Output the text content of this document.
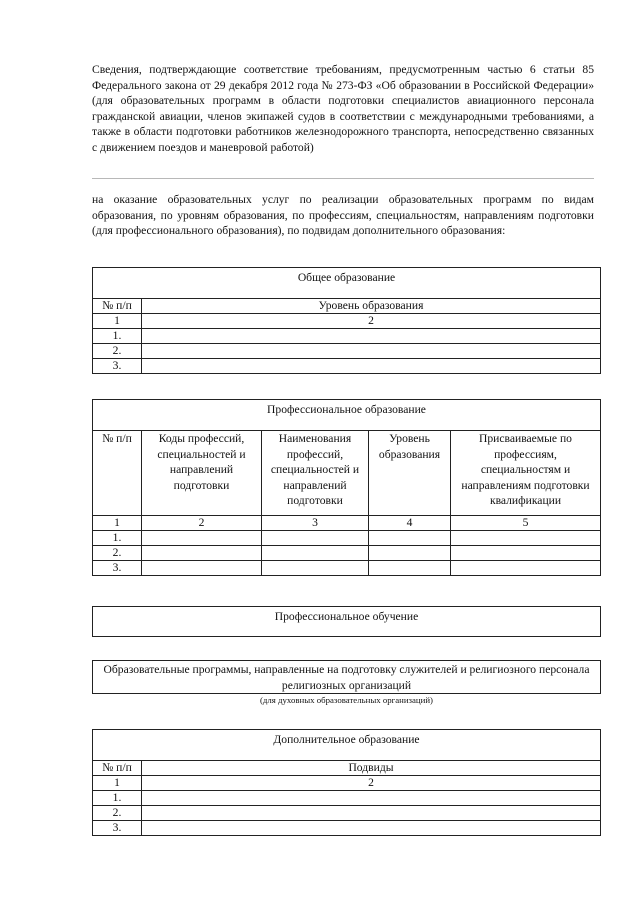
Сведения, подтверждающие соответствие требованиям, предусмотренным частью 6 статьи 85 Федерального закона от 29 декабря 2012 года № 273-ФЗ «Об образовании в Российской Федерации» (для образовательных программ в области подготовки специалистов авиационного персонала гражданской авиации, членов экипажей судов в соответствии с международными требованиями, а также в области подготовки работников железнодорожного транспорта, непосредственно связанных с движением поездов и маневровой работой)
на оказание образовательных услуг по реализации образовательных программ по видам образования, по уровням образования, по профессиям, специальностям, направлениям подготовки (для профессионального образования), по подвидам дополнительного образования:
Общее образование	
№ п/п	Уровень образования
1	2
1.	
2.	
3.	
Профессиональное образование				
№ п/п	Коды профессий, специальностей и направлений подготовки	Наименования профессий, специальностей и направлений подготовки	Уровень образования	Присваиваемые по профессиям, специальностям и направлениям подготовки квалификации
1	2	3	4	5
1.				
2.				
3.				
Профессиональное обучение
Образовательные программы, направленные на подготовку служителей и религиозного персонала религиозных организаций
(для духовных образовательных организаций)
Дополнительное образование	
№ п/п	Подвиды
1	2
1.	
2.	
3.	
